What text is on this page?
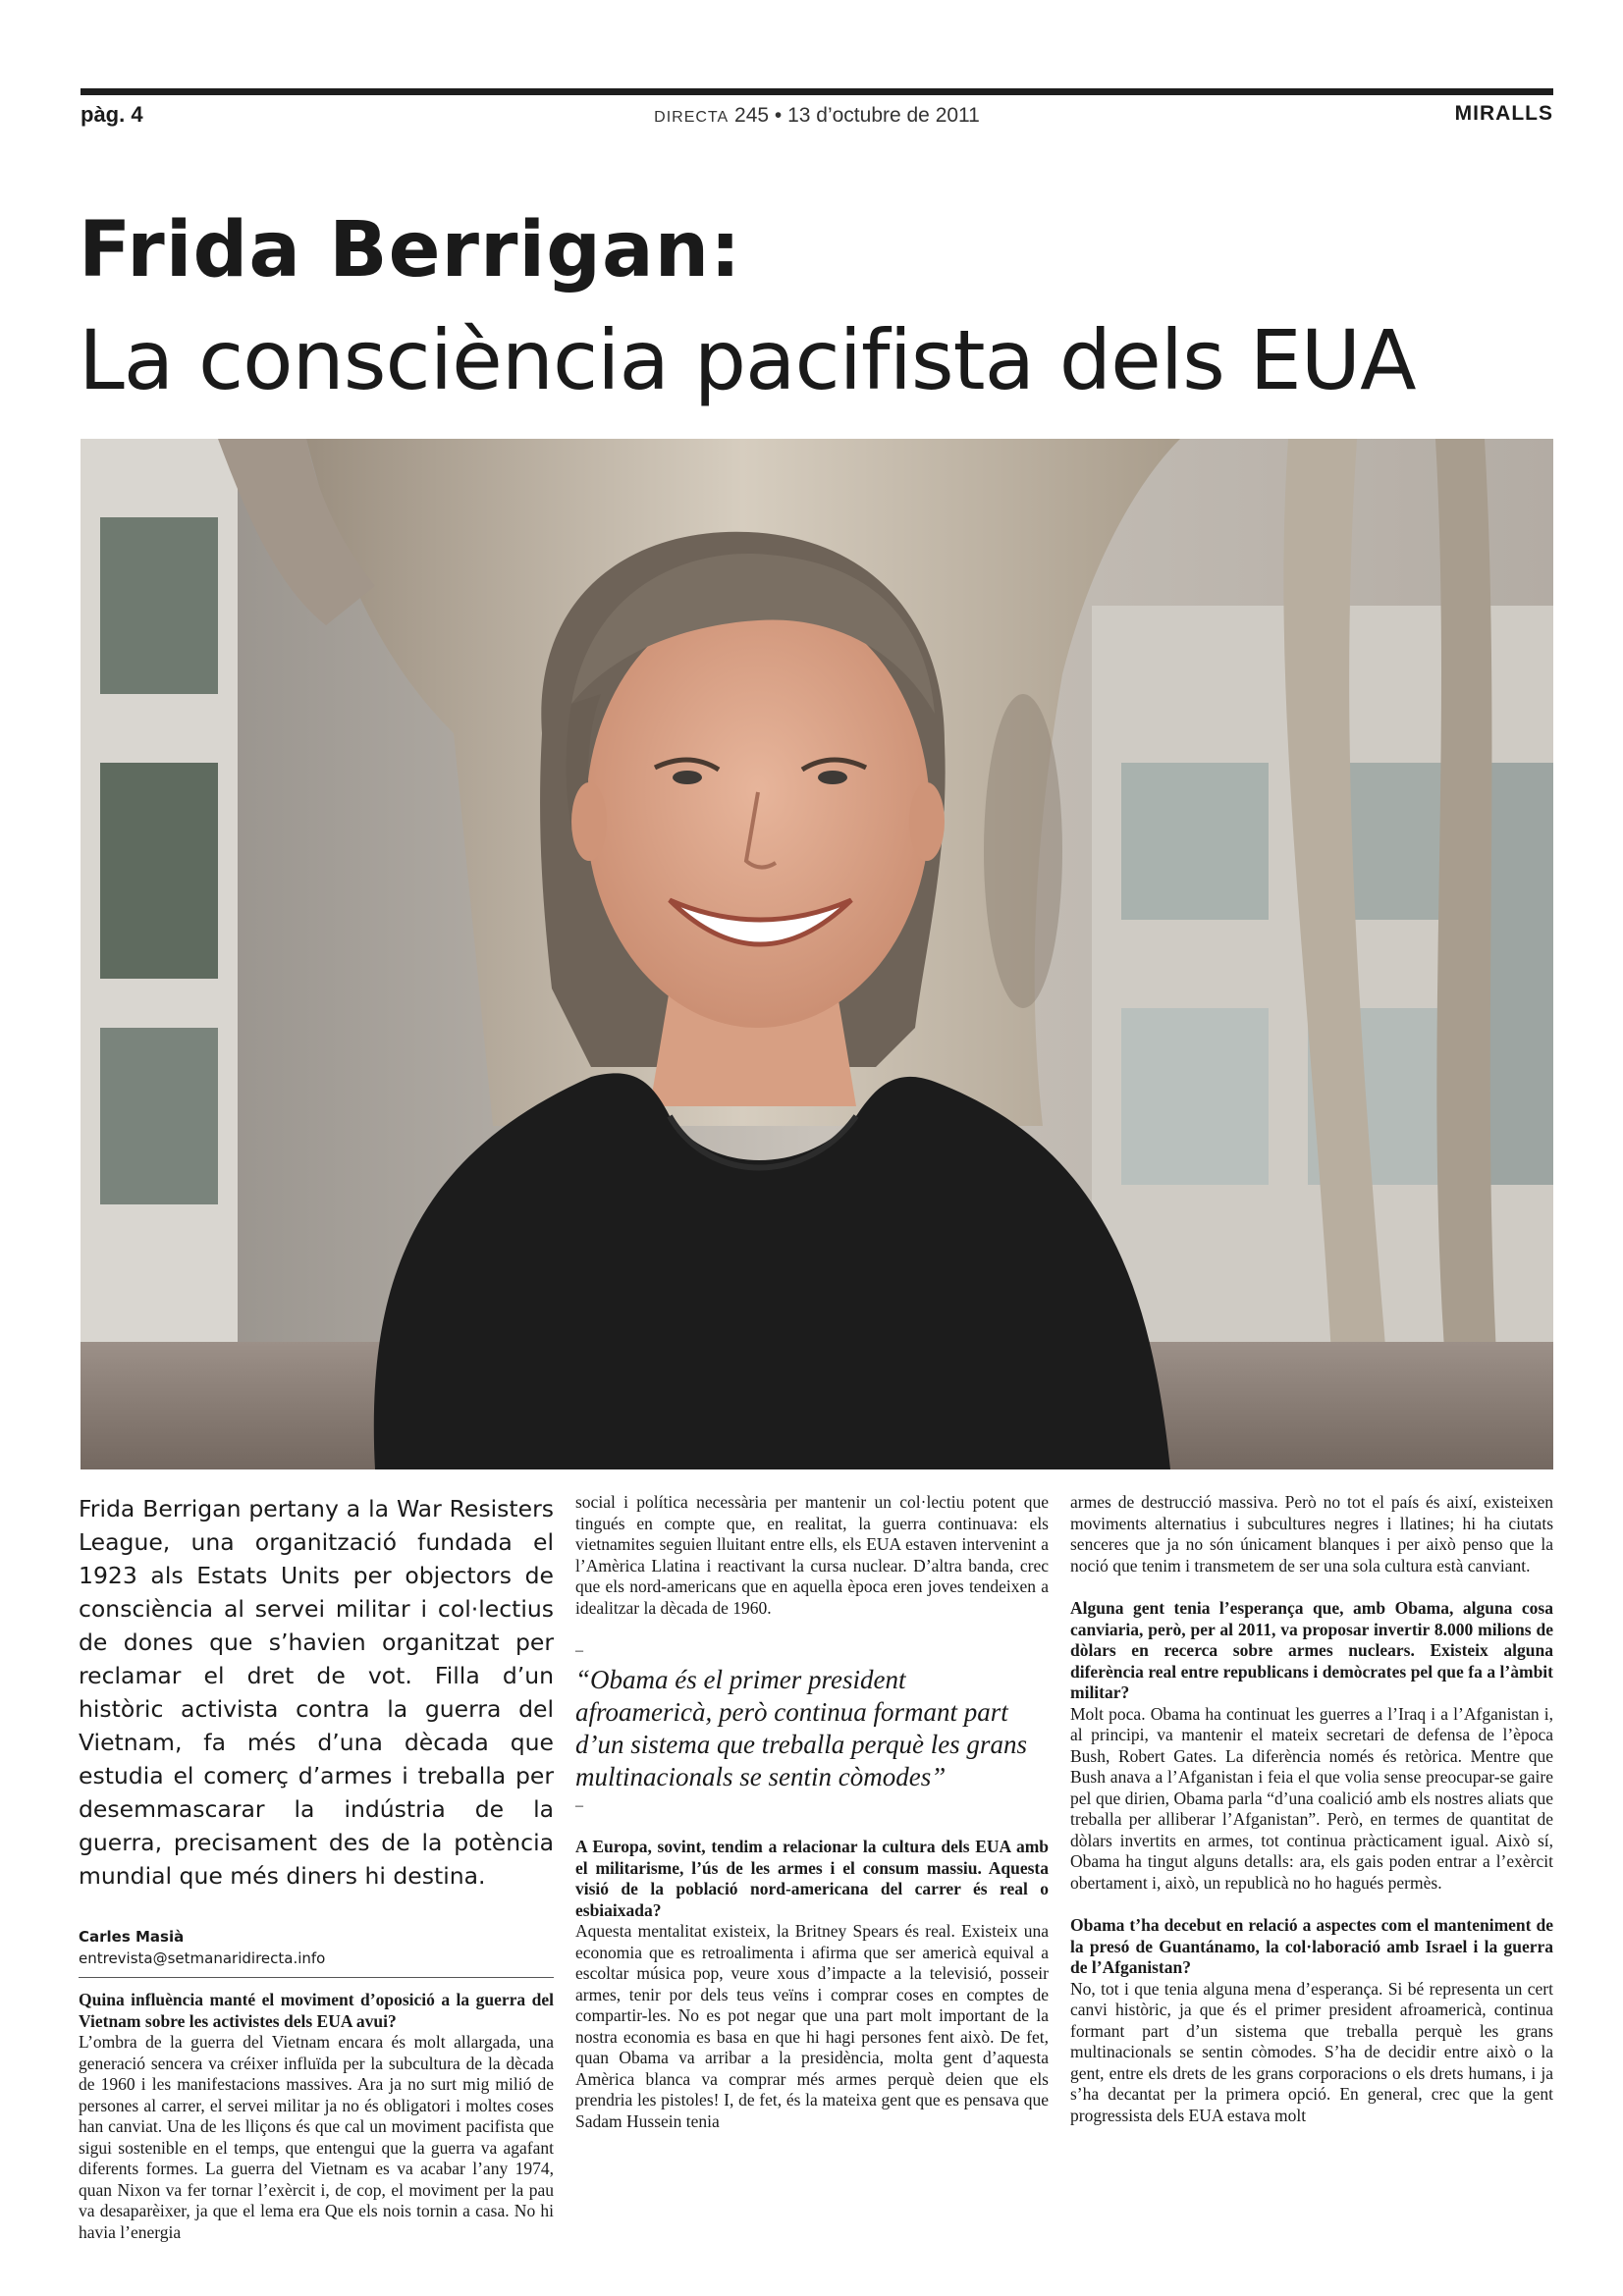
pàg. 4	DIRECTA 245 • 13 d’octubre de 2011	MIRALLS
Frida Berrigan:
La consciència pacifista dels EUA

Frida Berrigan pertany a la War Resisters League, una organització fundada el 1923 als Estats Units per objectors de consciència al servei militar i col·lectius de dones que s’havien organitzat per reclamar el dret de vot. Filla d’un històric activista contra la guerra del Vietnam, fa més d’una dècada que estudia el comerç d’armes i treballa per desemmascarar la indústria de la guerra, precisament des de la potència mundial que més diners hi destina.

Carles Masià
entrevista@setmanaridirecta.info

Quina influència manté el moviment d’oposició a la guerra del Vietnam sobre les activistes dels EUA avui?

L’ombra de la guerra del Vietnam encara és molt allargada, una generació sencera va créixer influïda per la subcultura de la dècada de 1960 i les manifestacions massives. Ara ja no surt mig milió de persones al carrer, el servei militar ja no és obligatori i moltes coses han canviat. Una de les lliçons és que cal un moviment pacifista que sigui sostenible en el temps, que entengui que la guerra va agafant diferents formes. La guerra del Vietnam es va acabar l’any 1974, quan Nixon va fer tornar l’exèrcit i, de cop, el moviment per la pau va desaparèixer, ja que el lema era Que els nois tornin a casa. No hi havia l’energia

social i política necessària per mantenir un col·lectiu potent que tingués en compte que, en realitat, la guerra continuava: els vietnamites seguien lluitant entre ells, els EUA estaven intervenint a l’Amèrica Llatina i reactivant la cursa nuclear. D’altra banda, crec que els nord-americans que en aquella època eren joves tendeixen a idealitzar la dècada de 1960.

–

“Obama és el primer president afroamericà, però continua formant part d’un sistema que treballa perquè les grans multinacionals se sentin còmodes”

–

A Europa, sovint, tendim a relacionar la cultura dels EUA amb el militarisme, l’ús de les armes i el consum massiu. Aquesta visió de la població nord-americana del carrer és real o esbiaixada?

Aquesta mentalitat existeix, la Britney Spears és real. Existeix una economia que es retroalimenta i afirma que ser americà equival a escoltar música pop, veure xous d’impacte a la televisió, posseir armes, tenir por dels teus veïns i comprar coses en comptes de compartir-les. No es pot negar que una part molt important de la nostra economia es basa en que hi hagi persones fent això. De fet, quan Obama va arribar a la presidència, molta gent d’aquesta Amèrica blanca va comprar més armes perquè deien que els prendria les pistoles! I, de fet, és la mateixa gent que es pensava que Sadam Hussein tenia

armes de destrucció massiva. Però no tot el país és així, existeixen moviments alternatius i subcultures negres i llatines; hi ha ciutats senceres que ja no són únicament blanques i per això penso que la noció que tenim i transmetem de ser una sola cultura està canviant.

Alguna gent tenia l’esperança que, amb Obama, alguna cosa canviaria, però, per al 2011, va proposar invertir 8.000 milions de dòlars en recerca sobre armes nuclears. Existeix alguna diferència real entre republicans i demòcrates pel que fa a l’àmbit militar?

Molt poca. Obama ha continuat les guerres a l’Iraq i a l’Afganistan i, al principi, va mantenir el mateix secretari de defensa de l’època Bush, Robert Gates. La diferència només és retòrica. Mentre que Bush anava a l’Afganistan i feia el que volia sense preocupar-se gaire pel que dirien, Obama parla “d’una coalició amb els nostres aliats que treballa per alliberar l’Afganistan”. Però, en termes de quantitat de dòlars invertits en armes, tot continua pràcticament igual. Això sí, Obama ha tingut alguns detalls: ara, els gais poden entrar a l’exèrcit obertament i, això, un republicà no ho hagués permès.

Obama t’ha decebut en relació a aspectes com el manteniment de la presó de Guantánamo, la col·laboració amb Israel i la guerra de l’Afganistan?

No, tot i que tenia alguna mena d’esperança. Si bé representa un cert canvi històric, ja que és el primer president afroamericà, continua formant part d’un sistema que treballa perquè les grans multinacionals se sentin còmodes. S’ha de decidir entre això o la gent, entre els drets de les grans corporacions o els drets humans, i ja s’ha decantat per la primera opció. En general, crec que la gent progressista dels EUA estava molt
